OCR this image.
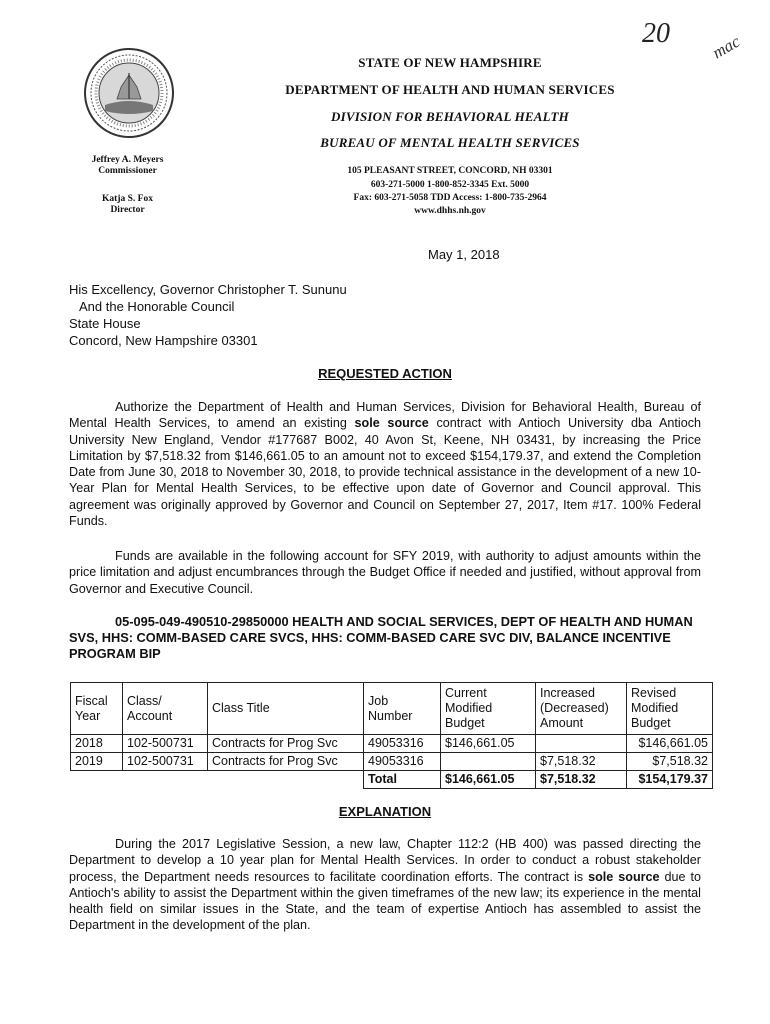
20 mac
STATE OF NEW HAMPSHIRE
DEPARTMENT OF HEALTH AND HUMAN SERVICES
DIVISION FOR BEHAVIORAL HEALTH
BUREAU OF MENTAL HEALTH SERVICES
105 PLEASANT STREET, CONCORD, NH 03301
603-271-5000 1-800-852-3345 Ext. 5000
Fax: 603-271-5058 TDD Access: 1-800-735-2964
www.dhhs.nh.gov
Jeffrey A. Meyers
Commissioner
Katja S. Fox
Director
May 1, 2018
His Excellency, Governor Christopher T. Sununu
And the Honorable Council
State House
Concord, New Hampshire 03301
REQUESTED ACTION
Authorize the Department of Health and Human Services, Division for Behavioral Health, Bureau of Mental Health Services, to amend an existing sole source contract with Antioch University dba Antioch University New England, Vendor #177687 B002, 40 Avon St, Keene, NH 03431, by increasing the Price Limitation by $7,518.32 from $146,661.05 to an amount not to exceed $154,179.37, and extend the Completion Date from June 30, 2018 to November 30, 2018, to provide technical assistance in the development of a new 10-Year Plan for Mental Health Services, to be effective upon date of Governor and Council approval. This agreement was originally approved by Governor and Council on September 27, 2017, Item #17. 100% Federal Funds.
Funds are available in the following account for SFY 2019, with authority to adjust amounts within the price limitation and adjust encumbrances through the Budget Office if needed and justified, without approval from Governor and Executive Council.
05-095-049-490510-29850000 HEALTH AND SOCIAL SERVICES, DEPT OF HEALTH AND HUMAN SVS, HHS: COMM-BASED CARE SVCS, HHS: COMM-BASED CARE SVC DIV, BALANCE INCENTIVE PROGRAM BIP
Fiscal Year	Class/ Account	Class Title	Job Number	Current Modified Budget	Increased (Decreased) Amount	Revised Modified Budget
2018	102-500731	Contracts for Prog Svc	49053316	$146,661.05		$146,661.05
2019	102-500731	Contracts for Prog Svc	49053316		$7,518.32	$7,518.32
			Total	$146,661.05	$7,518.32	$154,179.37
EXPLANATION
During the 2017 Legislative Session, a new law, Chapter 112:2 (HB 400) was passed directing the Department to develop a 10 year plan for Mental Health Services. In order to conduct a robust stakeholder process, the Department needs resources to facilitate coordination efforts. The contract is sole source due to Antioch's ability to assist the Department within the given timeframes of the new law; its experience in the mental health field on similar issues in the State, and the team of expertise Antioch has assembled to assist the Department in the development of the plan.
